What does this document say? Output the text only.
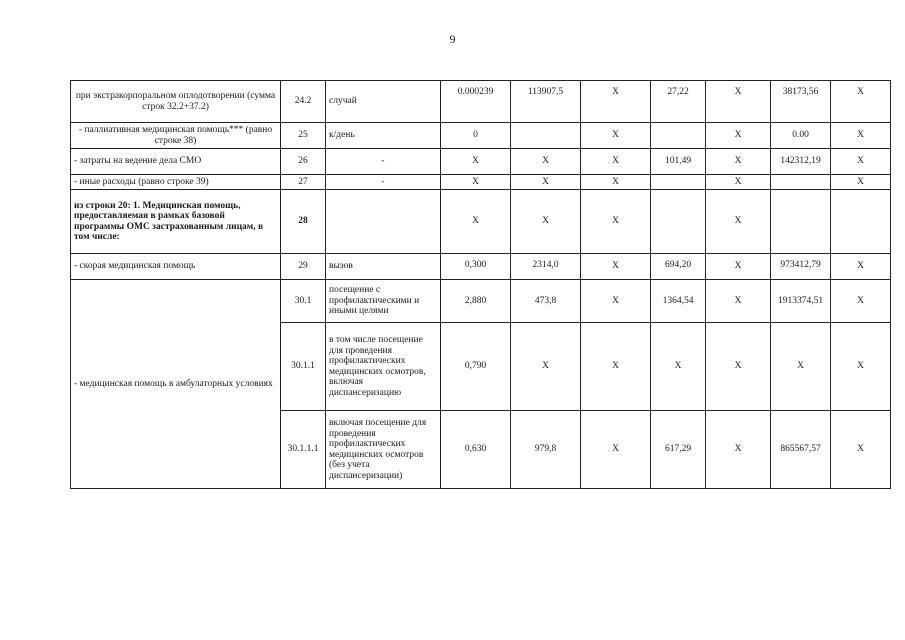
9
при экстракорпоральном оплодотворении (сумма строк 32.2+37.2)	24.2	случай	0.000239	113907,5	X	27,22	X	38173,56	X
- паллиативная медицинская помощь*** (равно строке 38)	25	к/день	0		X		X	0.00	X
- затраты на ведение дела СМО	26	-	X	X	X	101,49	X	142312,19	X
- иные расходы (равно строке 39)	27	-	X	X	X		X		X
из строки 20: 1. Медицинская помощь, предоставляемая в рамках базовой программы ОМС застрахованным лицам, в том числе:	28		X	X	X		X		
- скорая медицинская помощь	29	вызов	0,300	2314,0	X	694,20	X	973412,79	X
- медицинская помощь в амбулаторных условиях	30.1	посещение с профилактическими и иными целями	2,880	473,8	X	1364,54	X	1913374,51	X
	30.1.1	в том числе посещение для проведения профилактических медицинских осмотров, включая диспансеризацию	0,790	X	X	X	X	X	X
	30.1.1.1	включая посещение для проведения профилактических медицинских осмотров (без учета диспансеризации)	0,630	979,8	X	617,29	X	865567,57	X
